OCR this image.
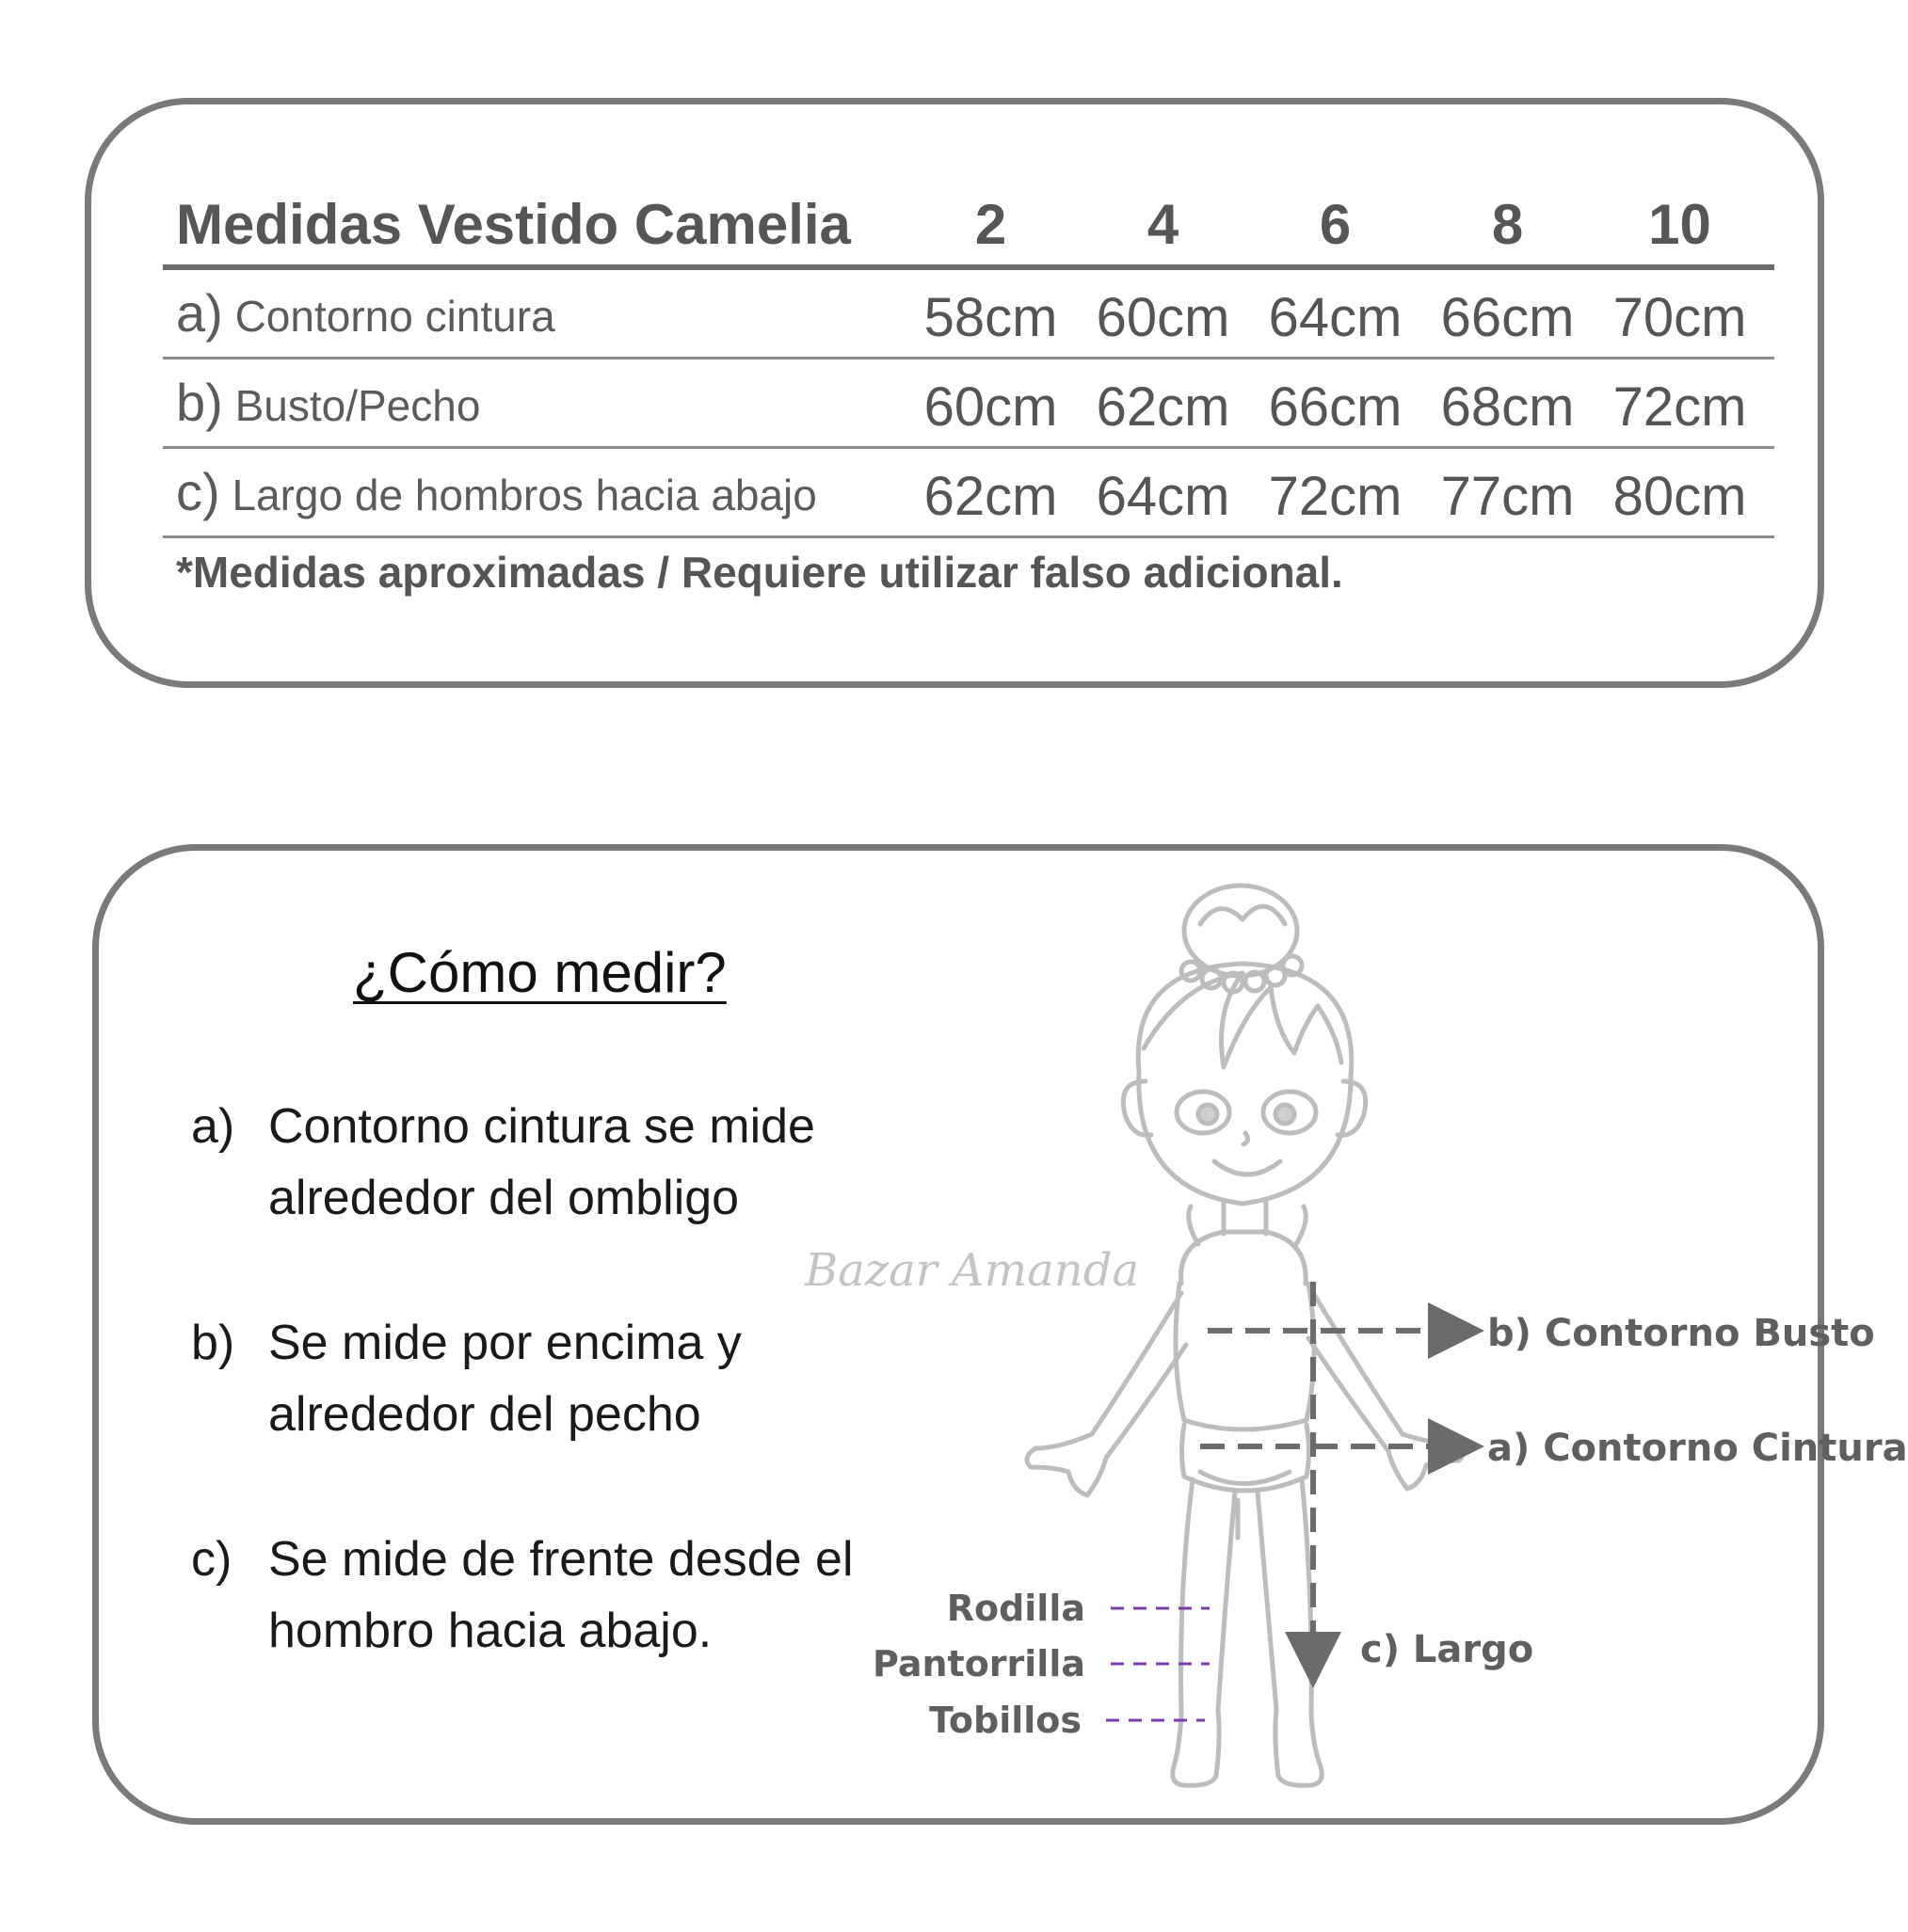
Medidas Vestido Camelia	2	4	6	8	10
a) Contorno cintura	58cm 60cm 64cm 66cm 70cm
b) Busto/Pecho	60cm 62cm 66cm 68cm 72cm
c) Largo de hombros hacia abajo	62cm 64cm 72cm 77cm 80cm
*Medidas aproximadas / Requiere utilizar falso adicional.
¿Cómo medir?
a) Contorno cintura se mide alrededor del ombligo
b) Se mide por encima y alrededor del pecho
c) Se mide de frente desde el hombro hacia abajo.
Bazar Amanda
b) Contorno Busto
a) Contorno Cintura
c) Largo
Rodilla
Pantorrilla
Tobillos
